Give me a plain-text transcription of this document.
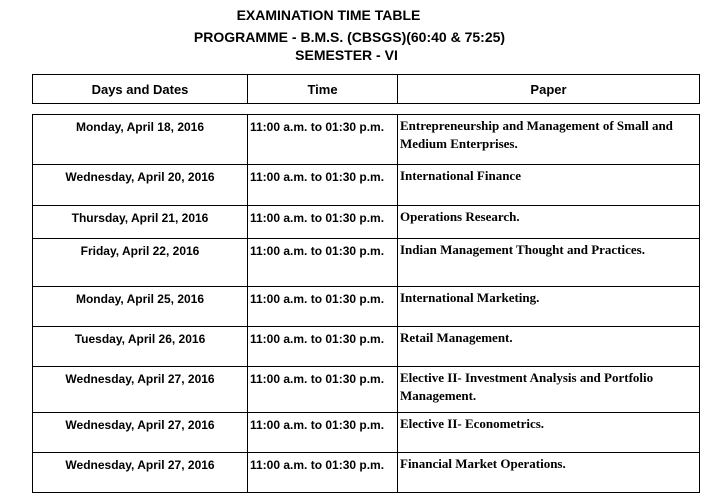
EXAMINATION TIME TABLE
PROGRAMME - B.M.S. (CBSGS)(60:40 & 75:25)
SEMESTER - VI
Days and Dates	Time	Paper

Monday, April 18, 2016	11:00 a.m. to 01:30 p.m.	Entrepreneurship and Management of Small and Medium Enterprises.
Wednesday, April 20, 2016	11:00 a.m. to 01:30 p.m.	International Finance
Thursday, April 21, 2016	11:00 a.m. to 01:30 p.m.	Operations Research.
Friday, April 22, 2016	11:00 a.m. to 01:30 p.m.	Indian Management Thought and Practices.
Monday, April 25, 2016	11:00 a.m. to 01:30 p.m.	International Marketing.
Tuesday, April 26, 2016	11:00 a.m. to 01:30 p.m.	Retail Management.
Wednesday, April 27, 2016	11:00 a.m. to 01:30 p.m.	Elective II- Investment Analysis and Portfolio Management.
Wednesday, April 27, 2016	11:00 a.m. to 01:30 p.m.	Elective II- Econometrics.
Wednesday, April 27, 2016	11:00 a.m. to 01:30 p.m.	Financial Market Operations.
